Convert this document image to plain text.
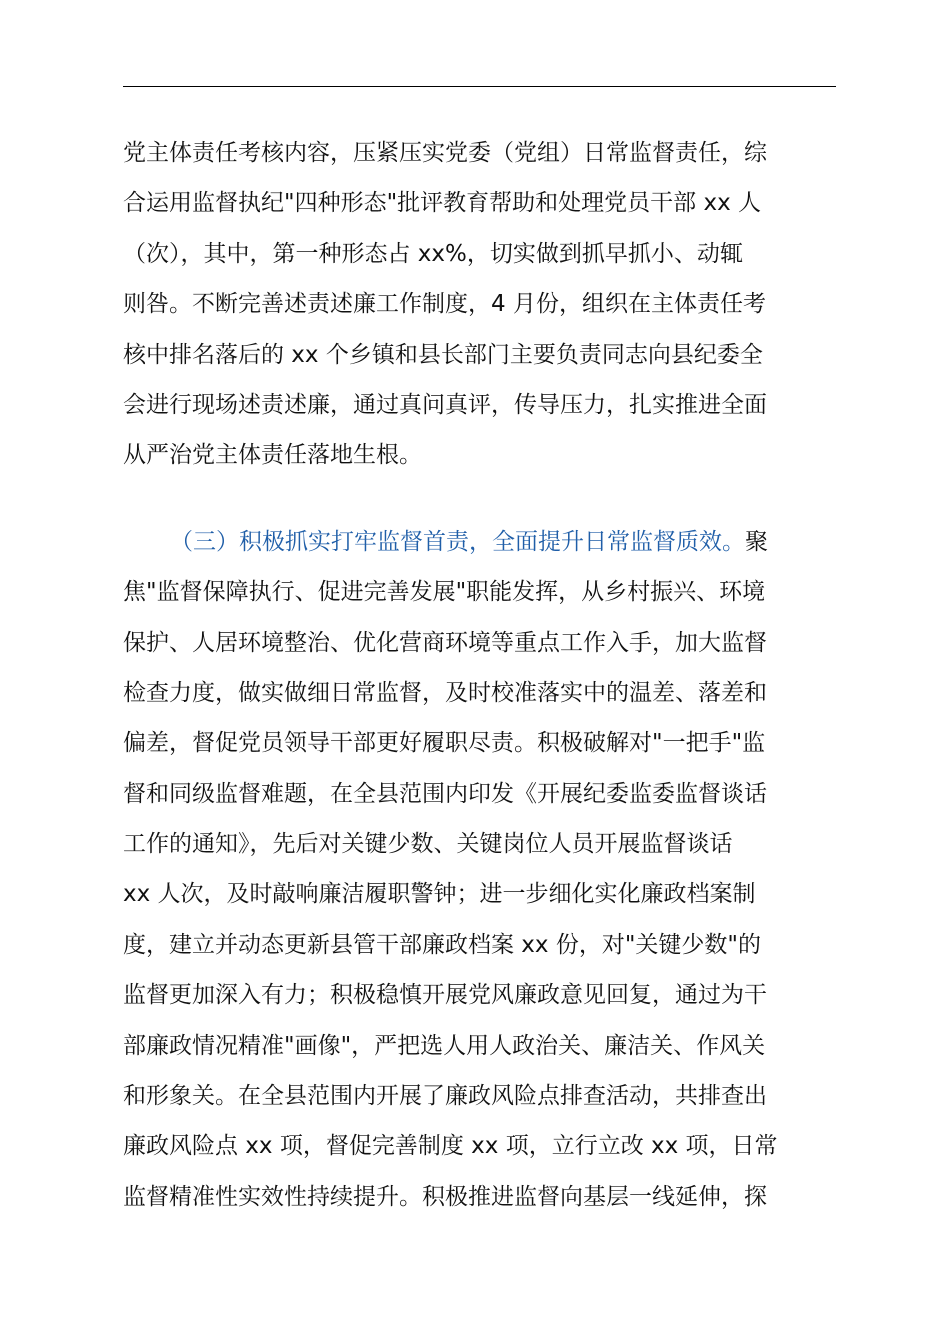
党主体责任考核内容，压紧压实党委（党组）日常监督责任，综
合运用监督执纪"四种形态"批评教育帮助和处理党员干部 xx 人
（次），其中，第一种形态占 xx%，切实做到抓早抓小、动辄
则咎。不断完善述责述廉工作制度，4 月份，组织在主体责任考
核中排名落后的 xx 个乡镇和县长部门主要负责同志向县纪委全
会进行现场述责述廉，通过真问真评，传导压力，扎实推进全面
从严治党主体责任落地生根。
（三）积极抓实打牢监督首责，全面提升日常监督质效。聚
焦"监督保障执行、促进完善发展"职能发挥，从乡村振兴、环境
保护、人居环境整治、优化营商环境等重点工作入手，加大监督
检查力度，做实做细日常监督，及时校准落实中的温差、落差和
偏差，督促党员领导干部更好履职尽责。积极破解对"一把手"监
督和同级监督难题，在全县范围内印发《开展纪委监委监督谈话
工作的通知》，先后对关键少数、关键岗位人员开展监督谈话
xx 人次，及时敲响廉洁履职警钟；进一步细化实化廉政档案制
度，建立并动态更新县管干部廉政档案 xx 份，对"关键少数"的
监督更加深入有力；积极稳慎开展党风廉政意见回复，通过为干
部廉政情况精准"画像"，严把选人用人政治关、廉洁关、作风关
和形象关。在全县范围内开展了廉政风险点排查活动，共排查出
廉政风险点 xx 项，督促完善制度 xx 项，立行立改 xx 项，日常
监督精准性实效性持续提升。积极推进监督向基层一线延伸，探
